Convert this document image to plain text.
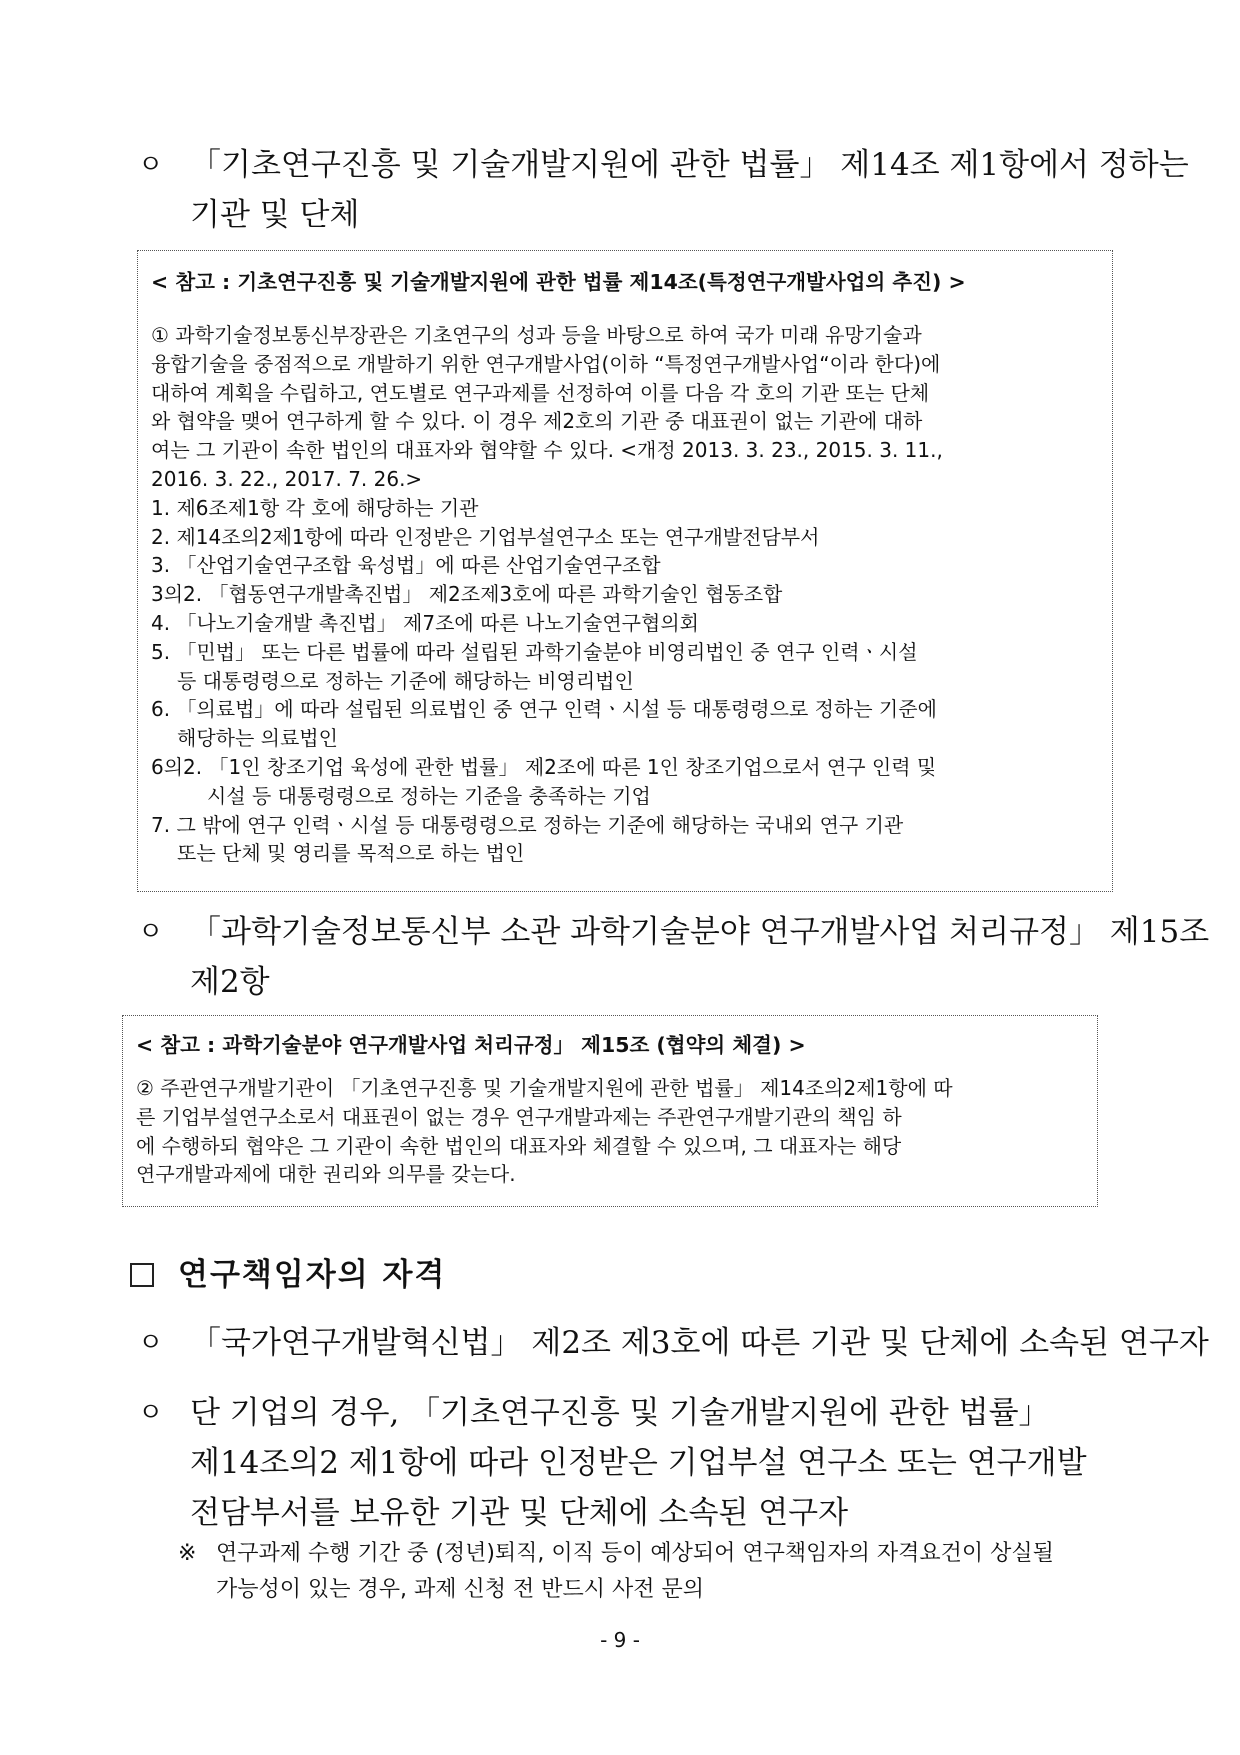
ㅇ 「기초연구진흥 및 기술개발지원에 관한 법률」 제14조 제1항에서 정하는
기관 및 단체
< 참고 : 기초연구진흥 및 기술개발지원에 관한 법률 제14조(특정연구개발사업의 추진) >
① 과학기술정보통신부장관은 기초연구의 성과 등을 바탕으로 하여 국가 미래 유망기술과
융합기술을 중점적으로 개발하기 위한 연구개발사업(이하 “특정연구개발사업“이라 한다)에
대하여 계획을 수립하고, 연도별로 연구과제를 선정하여 이를 다음 각 호의 기관 또는 단체
와 협약을 맺어 연구하게 할 수 있다. 이 경우 제2호의 기관 중 대표권이 없는 기관에 대하
여는 그 기관이 속한 법인의 대표자와 협약할 수 있다. <개정 2013. 3. 23., 2015. 3. 11.,
2016. 3. 22., 2017. 7. 26.>
1. 제6조제1항 각 호에 해당하는 기관
2. 제14조의2제1항에 따라 인정받은 기업부설연구소 또는 연구개발전담부서
3. 「산업기술연구조합 육성법」에 따른 산업기술연구조합
3의2. 「협동연구개발촉진법」 제2조제3호에 따른 과학기술인 협동조합
4. 「나노기술개발 촉진법」 제7조에 따른 나노기술연구협의회
5. 「민법」 또는 다른 법률에 따라 설립된 과학기술분야 비영리법인 중 연구 인력ㆍ시설
등 대통령령으로 정하는 기준에 해당하는 비영리법인
6. 「의료법」에 따라 설립된 의료법인 중 연구 인력ㆍ시설 등 대통령령으로 정하는 기준에
해당하는 의료법인
6의2. 「1인 창조기업 육성에 관한 법률」 제2조에 따른 1인 창조기업으로서 연구 인력 및
시설 등 대통령령으로 정하는 기준을 충족하는 기업
7. 그 밖에 연구 인력ㆍ시설 등 대통령령으로 정하는 기준에 해당하는 국내외 연구 기관
또는 단체 및 영리를 목적으로 하는 법인
ㅇ 「과학기술정보통신부 소관 과학기술분야 연구개발사업 처리규정」 제15조
제2항
< 참고 : 과학기술분야 연구개발사업 처리규정」 제15조 (협약의 체결) >
② 주관연구개발기관이 「기초연구진흥 및 기술개발지원에 관한 법률」 제14조의2제1항에 따
른 기업부설연구소로서 대표권이 없는 경우 연구개발과제는 주관연구개발기관의 책임 하
에 수행하되 협약은 그 기관이 속한 법인의 대표자와 체결할 수 있으며, 그 대표자는 해당
연구개발과제에 대한 권리와 의무를 갖는다.
연구책임자의 자격
ㅇ 「국가연구개발혁신법」 제2조 제3호에 따른 기관 및 단체에 소속된 연구자
ㅇ 단 기업의 경우, 「기초연구진흥 및 기술개발지원에 관한 법률」
제14조의2 제1항에 따라 인정받은 기업부설 연구소 또는 연구개발
전담부서를 보유한 기관 및 단체에 소속된 연구자
※ 연구과제 수행 기간 중 (정년)퇴직, 이직 등이 예상되어 연구책임자의 자격요건이 상실될
가능성이 있는 경우, 과제 신청 전 반드시 사전 문의
- 9 -
